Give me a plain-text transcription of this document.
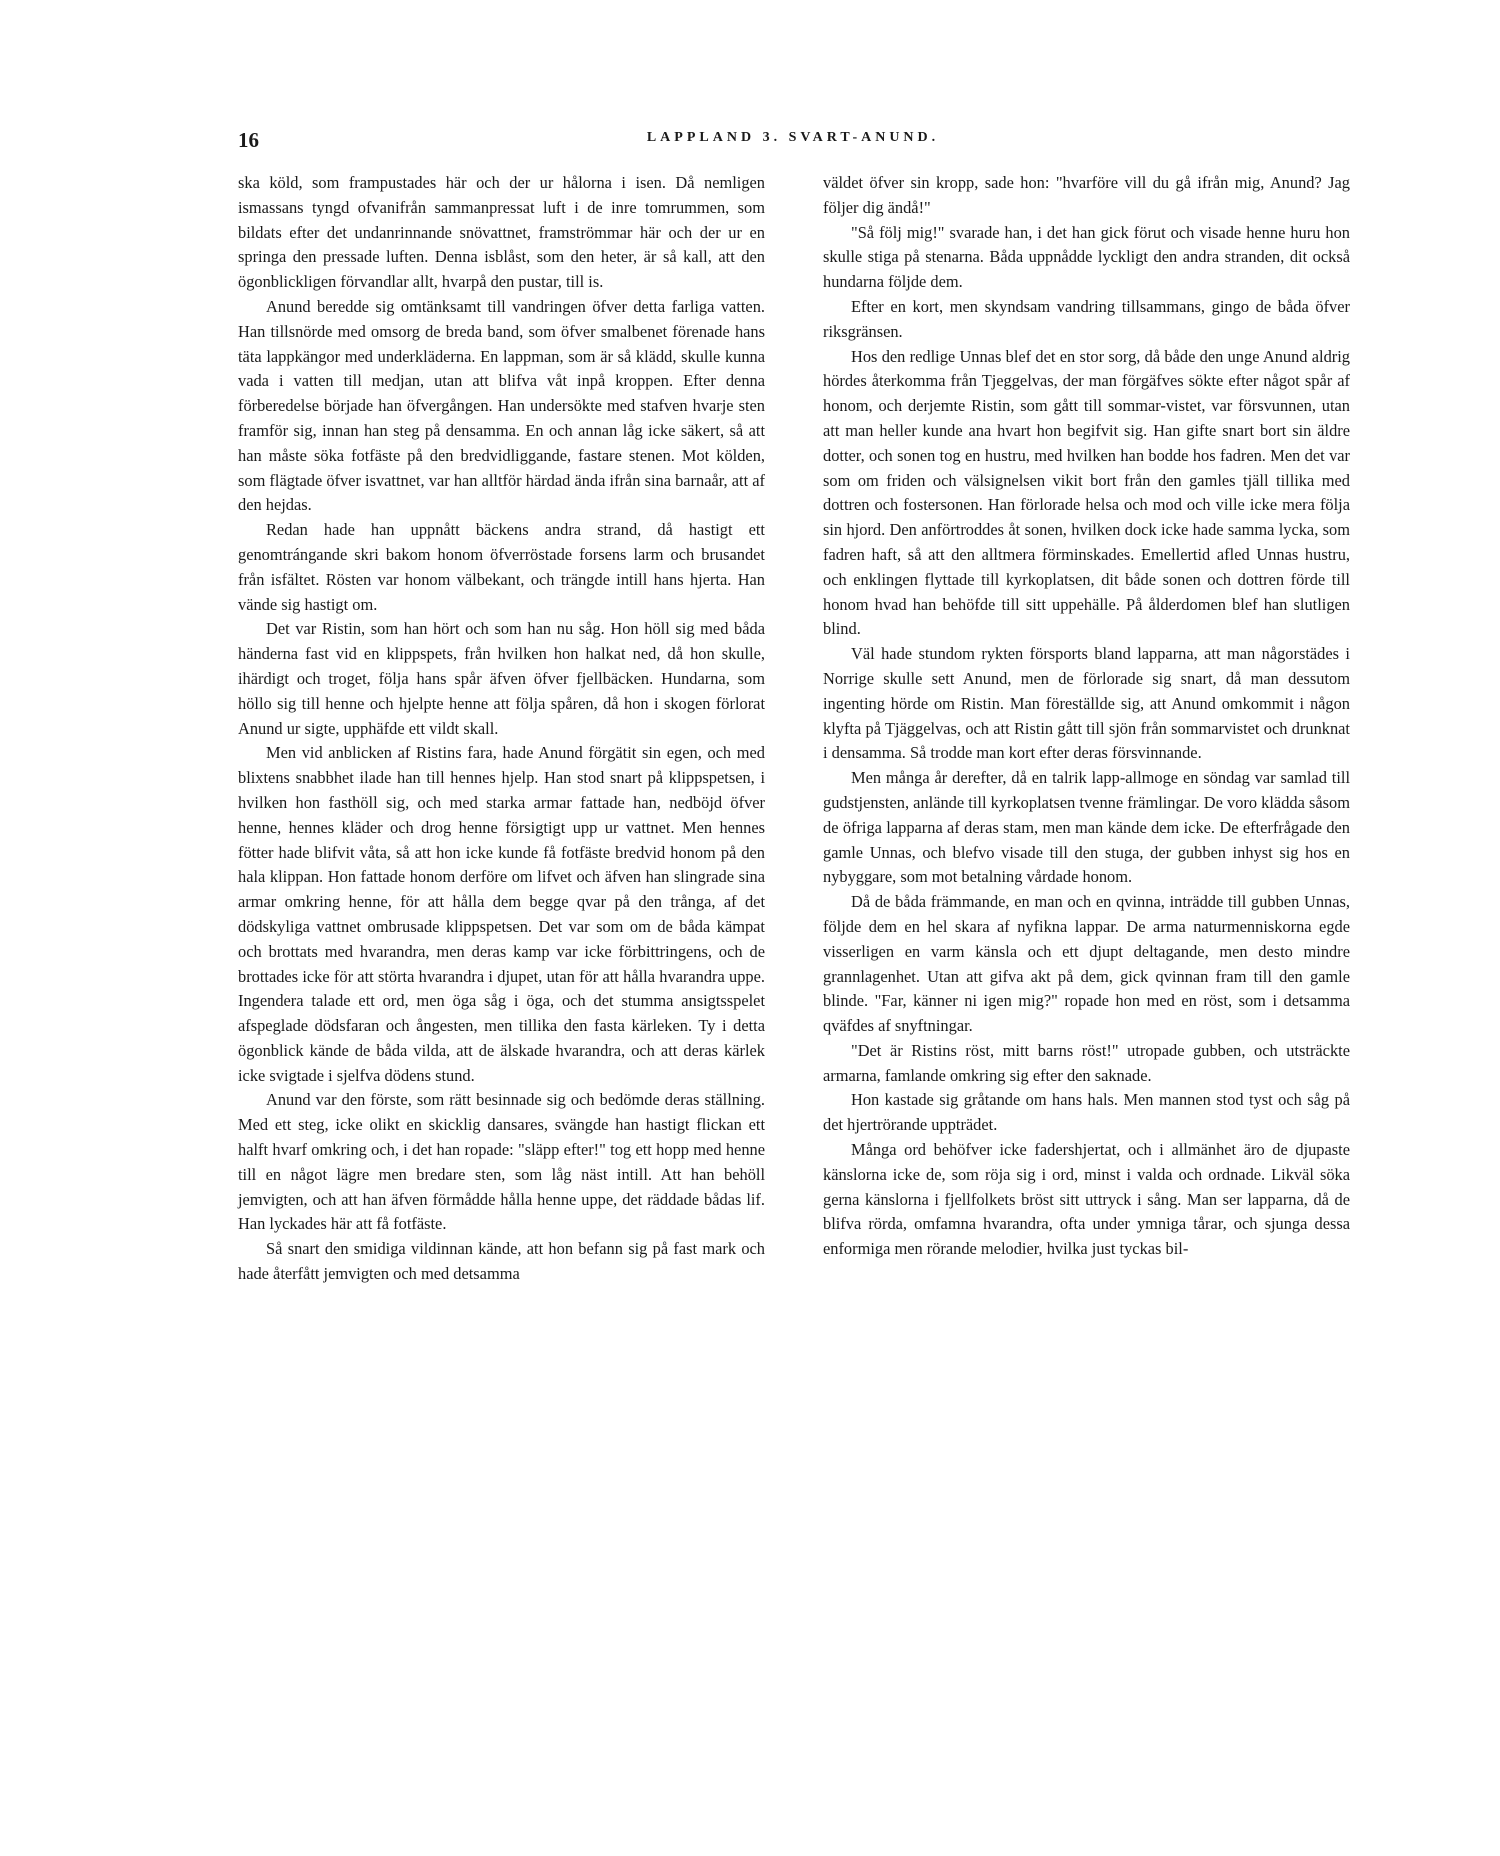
16	LAPPLAND 3. SVART-ANUND.

ska köld, som frampustades här och der ur hålorna i isen. Då nemligen ismassans tyngd ofvanifrån sammanpressat luft i de inre tomrummen, som bildats efter det undanrinnande snövattnet, framströmmar här och der ur en springa den pressade luften. Denna isblåst, som den heter, är så kall, att den ögonblickligen förvandlar allt, hvarpå den pustar, till is.

Anund beredde sig omtänksamt till vandringen öfver detta farliga vatten. Han tillsnörde med omsorg de breda band, som öfver smalbenet förenade hans täta lappkängor med underkläderna. En lappman, som är så klädd, skulle kunna vada i vatten till medjan, utan att blifva våt inpå kroppen. Efter denna förberedelse började han öfvergången. Han undersökte med stafven hvarje sten framför sig, innan han steg på densamma. En och annan låg icke säkert, så att han måste söka fotfäste på den bredvidliggande, fastare stenen. Mot kölden, som flägtade öfver isvattnet, var han alltför härdad ända ifrån sina barnaår, att af den hejdas.

Redan hade han uppnått bäckens andra strand, då hastigt ett genomtrángande skri bakom honom öfverröstade forsens larm och brusandet från isfältet. Rösten var honom välbekant, och trängde intill hans hjerta. Han vände sig hastigt om.

Det var Ristin, som han hört och som han nu såg. Hon höll sig med båda händerna fast vid en klippspets, från hvilken hon halkat ned, då hon skulle, ihärdigt och troget, följa hans spår äfven öfver fjellbäcken. Hundarna, som höllo sig till henne och hjelpte henne att följa spåren, då hon i skogen förlorat Anund ur sigte, upphäfde ett vildt skall.

Men vid anblicken af Ristins fara, hade Anund förgätit sin egen, och med blixtens snabbhet ilade han till hennes hjelp. Han stod snart på klippspetsen, i hvilken hon fasthöll sig, och med starka armar fattade han, nedböjd öfver henne, hennes kläder och drog henne försigtigt upp ur vattnet. Men hennes fötter hade blifvit våta, så att hon icke kunde få fotfäste bredvid honom på den hala klippan. Hon fattade honom derföre om lifvet och äfven han slingrade sina armar omkring henne, för att hålla dem begge qvar på den trånga, af det dödskyliga vattnet ombrusade klippspetsen. Det var som om de båda kämpat och brottats med hvarandra, men deras kamp var icke förbittringens, och de brottades icke för att störta hvarandra i djupet, utan för att hålla hvarandra uppe. Ingendera talade ett ord, men öga såg i öga, och det stumma ansigtsspelet afspeglade dödsfaran och ångesten, men tillika den fasta kärleken. Ty i detta ögonblick kände de båda vilda, att de älskade hvarandra, och att deras kärlek icke svigtade i sjelfva dödens stund.

Anund var den förste, som rätt besinnade sig och bedömde deras ställning. Med ett steg, icke olikt en skicklig dansares, svängde han hastigt flickan ett halft hvarf omkring och, i det han ropade: "släpp efter!" tog ett hopp med henne till en något lägre men bredare sten, som låg näst intill. Att han behöll jemvigten, och att han äfven förmådde hålla henne uppe, det räddade bådas lif. Han lyckades här att få fotfäste.

Så snart den smidiga vildinnan kände, att hon befann sig på fast mark och hade återfått jemvigten och med detsamma

väldet öfver sin kropp, sade hon: "hvarföre vill du gå ifrån mig, Anund? Jag följer dig ändå!"

"Så följ mig!" svarade han, i det han gick förut och visade henne huru hon skulle stiga på stenarna. Båda uppnådde lyckligt den andra stranden, dit också hundarna följde dem.

Efter en kort, men skyndsam vandring tillsammans, gingo de båda öfver riksgränsen.

Hos den redlige Unnas blef det en stor sorg, då både den unge Anund aldrig hördes återkomma från Tjeggelvas, der man förgäfves sökte efter något spår af honom, och derjemte Ristin, som gått till sommar-vistet, var försvunnen, utan att man heller kunde ana hvart hon begifvit sig. Han gifte snart bort sin äldre dotter, och sonen tog en hustru, med hvilken han bodde hos fadren. Men det var som om friden och välsignelsen vikit bort från den gamles tjäll tillika med dottren och fostersonen. Han förlorade helsa och mod och ville icke mera följa sin hjord. Den anförtroddes åt sonen, hvilken dock icke hade samma lycka, som fadren haft, så att den alltmera förminskades. Emellertid afled Unnas hustru, och enklingen flyttade till kyrkoplatsen, dit både sonen och dottren förde till honom hvad han behöfde till sitt uppehälle. På ålderdomen blef han slutligen blind.

Väl hade stundom rykten försports bland lapparna, att man någorstädes i Norrige skulle sett Anund, men de förlorade sig snart, då man dessutom ingenting hörde om Ristin. Man föreställde sig, att Anund omkommit i någon klyfta på Tjäggelvas, och att Ristin gått till sjön från sommarvistet och drunknat i densamma. Så trodde man kort efter deras försvinnande.

Men många år derefter, då en talrik lapp-allmoge en söndag var samlad till gudstjensten, anlände till kyrkoplatsen tvenne främlingar. De voro klädda såsom de öfriga lapparna af deras stam, men man kände dem icke. De efterfrågade den gamle Unnas, och blefvo visade till den stuga, der gubben inhyst sig hos en nybyggare, som mot betalning vårdade honom.

Då de båda främmande, en man och en qvinna, inträdde till gubben Unnas, följde dem en hel skara af nyfikna lappar. De arma naturmenniskorna egde visserligen en varm känsla och ett djupt deltagande, men desto mindre grannlagenhet. Utan att gifva akt på dem, gick qvinnan fram till den gamle blinde. "Far, känner ni igen mig?" ropade hon med en röst, som i detsamma qväfdes af snyftningar.

"Det är Ristins röst, mitt barns röst!" utropade gubben, och utsträckte armarna, famlande omkring sig efter den saknade.

Hon kastade sig gråtande om hans hals. Men mannen stod tyst och såg på det hjertrörande uppträdet.

Många ord behöfver icke fadershjertat, och i allmänhet äro de djupaste känslorna icke de, som röja sig i ord, minst i valda och ordnade. Likväl söka gerna känslorna i fjellfolkets bröst sitt uttryck i sång. Man ser lapparna, då de blifva rörda, omfamna hvarandra, ofta under ymniga tårar, och sjunga dessa enformiga men rörande melodier, hvilka just tyckas bil-
